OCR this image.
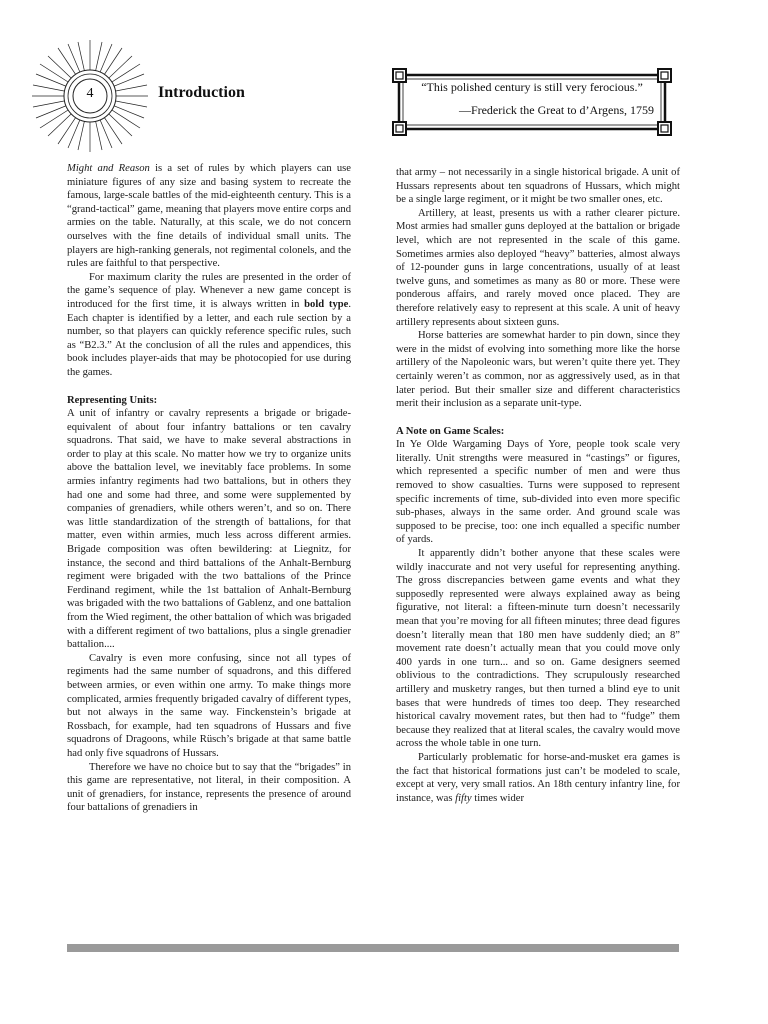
4	Introduction	“This polished century is still very ferocious.”
—Frederick the Great to d’Argens, 1759

Might and Reason is a set of rules by which players can use miniature figures of any size and basing system to recreate the famous, large-scale battles of the mid-eighteenth century. This is a “grand-tactical” game, meaning that players move entire corps and armies on the table. Naturally, at this scale, we do not concern ourselves with the fine details of individual small units. The players are high-ranking generals, not regimental colonels, and the rules are faithful to that perspective.

For maximum clarity the rules are presented in the order of the game’s sequence of play. Whenever a new game concept is introduced for the first time, it is always written in bold type. Each chapter is identified by a letter, and each rule section by a number, so that players can quickly reference specific rules, such as “B2.3.” At the conclusion of all the rules and appendices, this book includes player-aids that may be photocopied for use during the games.

Representing Units:

A unit of infantry or cavalry represents a brigade or brigade-equivalent of about four infantry battalions or ten cavalry squadrons. That said, we have to make several abstractions in order to play at this scale. No matter how we try to organize units above the battalion level, we inevitably face problems. In some armies infantry regiments had two battalions, but in others they had one and some had three, and some were supplemented by companies of grenadiers, while others weren’t, and so on. There was little standardization of the strength of battalions, for that matter, even within armies, much less across different armies. Brigade composition was often bewildering: at Liegnitz, for instance, the second and third battalions of the Anhalt-Bernburg regiment were brigaded with the two battalions of the Prince Ferdinand regiment, while the 1st battalion of Anhalt-Bernburg was brigaded with the two battalions of Gablenz, and one battalion from the Wied regiment, the other battalion of which was brigaded with a different regiment of two battalions, plus a single grenadier battalion....

Cavalry is even more confusing, since not all types of regiments had the same number of squadrons, and this differed between armies, or even within one army. To make things more complicated, armies frequently brigaded cavalry of different types, but not always in the same way. Finckenstein’s brigade at Rossbach, for example, had ten squadrons of Hussars and five squadrons of Dragoons, while Rüsch’s brigade at that same battle had only five squadrons of Hussars.

Therefore we have no choice but to say that the “brigades” in this game are representative, not literal, in their composition. A unit of grenadiers, for instance, represents the presence of around four battalions of grenadiers in

that army – not necessarily in a single historical brigade. A unit of Hussars represents about ten squadrons of Hussars, which might be a single large regiment, or it might be two smaller ones, etc.

Artillery, at least, presents us with a rather clearer picture. Most armies had smaller guns deployed at the battalion or brigade level, which are not represented in the scale of this game. Sometimes armies also deployed “heavy” batteries, almost always of 12-pounder guns in large concentrations, usually of at least twelve guns, and sometimes as many as 80 or more. These were ponderous affairs, and rarely moved once placed. They are therefore relatively easy to represent at this scale. A unit of heavy artillery represents about sixteen guns.

Horse batteries are somewhat harder to pin down, since they were in the midst of evolving into something more like the horse artillery of the Napoleonic wars, but weren’t quite there yet. They certainly weren’t as common, nor as aggressively used, as in that later period. But their smaller size and different characteristics merit their inclusion as a separate unit-type.

A Note on Game Scales:

In Ye Olde Wargaming Days of Yore, people took scale very literally. Unit strengths were measured in “castings” or figures, which represented a specific number of men and were thus removed to show casualties. Turns were supposed to represent specific increments of time, sub-divided into even more specific sub-phases, always in the same order. And ground scale was supposed to be precise, too: one inch equalled a specific number of yards.

It apparently didn’t bother anyone that these scales were wildly inaccurate and not very useful for representing anything. The gross discrepancies between game events and what they supposedly represented were always explained away as being figurative, not literal: a fifteen-minute turn doesn’t necessarily mean that you’re moving for all fifteen minutes; three dead figures doesn’t literally mean that 180 men have suddenly died; an 8” movement rate doesn’t actually mean that you could move only 400 yards in one turn... and so on. Game designers seemed oblivious to the contradictions. They scrupulously researched artillery and musketry ranges, but then turned a blind eye to unit bases that were hundreds of times too deep. They researched historical cavalry movement rates, but then had to “fudge” them because they realized that at literal scales, the cavalry would move across the whole table in one turn.

Particularly problematic for horse-and-musket era games is the fact that historical formations just can’t be modeled to scale, except at very, very small ratios. An 18th century infantry line, for instance, was fifty times wider
